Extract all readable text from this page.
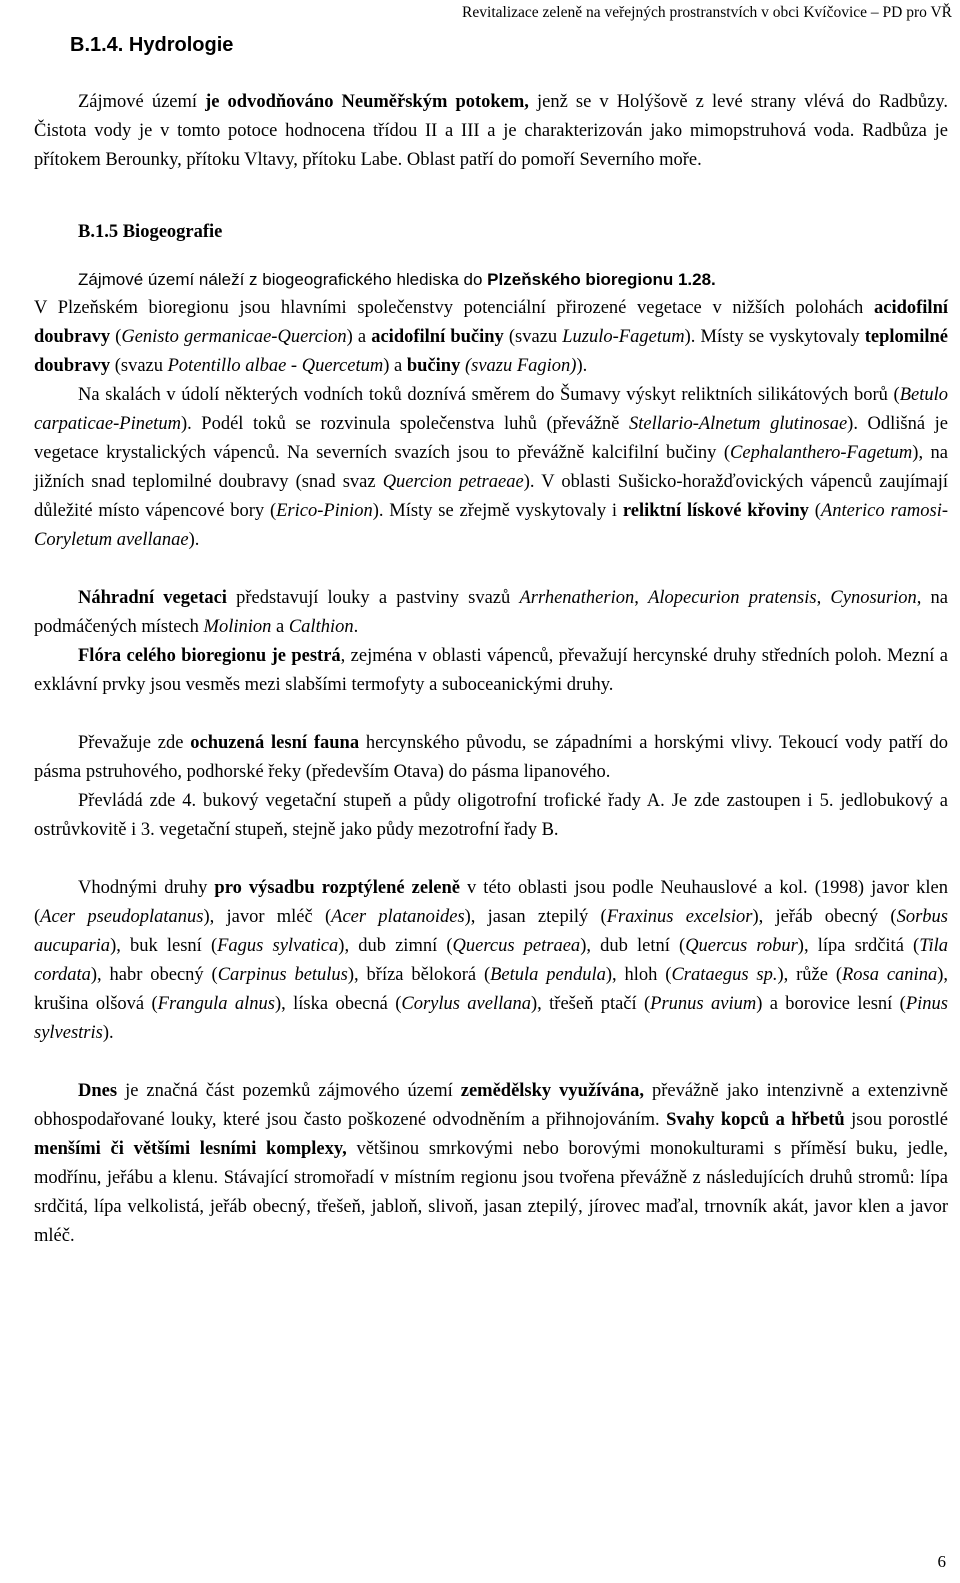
Revitalizace zeleně na veřejných prostranstvích v obci Kvíčovice – PD pro VŘ
B.1.4. Hydrologie

Zájmové území je odvodňováno Neuměřským potokem, jenž se v Holýšově z levé strany vlévá do Radbůzy. Čistota vody je v tomto potoce hodnocena třídou II a III a je charakterizován jako mimopstruhová voda. Radbůza je přítokem Berounky, přítoku Vltavy, přítoku Labe. Oblast patří do pomoří Severního moře.

B.1.5 Biogeografie

Zájmové území náleží z biogeografického hlediska do Plzeňského bioregionu 1.28.

V Plzeňském bioregionu jsou hlavními společenstvy potenciální přirozené vegetace v nižších polohách acidofilní doubravy (Genisto germanicae-Quercion) a acidofilní bučiny (svazu Luzulo-Fagetum). Místy se vyskytovaly teplomilné doubravy (svazu Potentillo albae - Quercetum) a bučiny (svazu Fagion)).

Na skalách v údolí některých vodních toků doznívá směrem do Šumavy výskyt reliktních silikátových borů (Betulo carpaticae-Pinetum). Podél toků se rozvinula společenstva luhů (převážně Stellario-Alnetum glutinosae). Odlišná je vegetace krystalických vápenců. Na severních svazích jsou to převážně kalcifilní bučiny (Cephalanthero-Fagetum), na jižních snad teplomilné doubravy (snad svaz Quercion petraeae). V oblasti Sušicko-horažďovických vápenců zaujímají důležité místo vápencové bory (Erico-Pinion). Místy se zřejmě vyskytovaly i reliktní lískové křoviny (Anterico ramosi-Coryletum avellanae).

Náhradní vegetaci představují louky a pastviny svazů Arrhenatherion, Alopecurion pratensis, Cynosurion, na podmáčených místech Molinion a Calthion.

Flóra celého bioregionu je pestrá, zejména v oblasti vápenců, převažují hercynské druhy středních poloh. Mezní a exklávní prvky jsou vesměs mezi slabšími termofyty a suboceanickými druhy.

Převažuje zde ochuzená lesní fauna hercynského původu, se západními a horskými vlivy. Tekoucí vody patří do pásma pstruhového, podhorské řeky (především Otava) do pásma lipanového.

Převládá zde 4. bukový vegetační stupeň a půdy oligotrofní trofické řady A. Je zde zastoupen i 5. jedlobukový a ostrůvkovitě i 3. vegetační stupeň, stejně jako půdy mezotrofní řady B.

Vhodnými druhy pro výsadbu rozptýlené zeleně v této oblasti jsou podle Neuhauslové a kol. (1998) javor klen (Acer pseudoplatanus), javor mléč (Acer platanoides), jasan ztepilý (Fraxinus excelsior), jeřáb obecný (Sorbus aucuparia), buk lesní (Fagus sylvatica), dub zimní (Quercus petraea), dub letní (Quercus robur), lípa srdčitá (Tila cordata), habr obecný (Carpinus betulus), bříza bělokorá (Betula pendula), hloh (Crataegus sp.), růže (Rosa canina), krušina olšová (Frangula alnus), líska obecná (Corylus avellana), třešeň ptačí (Prunus avium) a borovice lesní (Pinus sylvestris).

Dnes je značná část pozemků zájmového území zemědělsky využívána, převážně jako intenzivně a extenzivně obhospodařované louky, které jsou často poškozené odvodněním a přihnojováním. Svahy kopců a hřbetů jsou porostlé menšími či většími lesními komplexy, většinou smrkovými nebo borovými monokulturami s příměsí buku, jedle, modřínu, jeřábu a klenu. Stávající stromořadí v místním regionu jsou tvořena převážně z následujících druhů stromů: lípa srdčitá, lípa velkolistá, jeřáb obecný, třešeň, jabloň, slivoň, jasan ztepilý, jírovec maďal, trnovník akát, javor klen a javor mléč.

6
